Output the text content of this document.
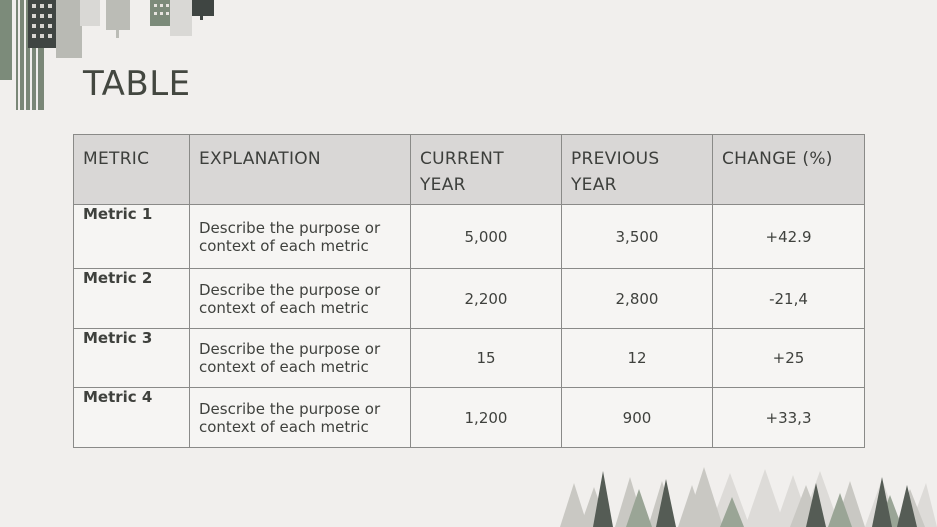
TABLE
METRIC	EXPLANATION	CURRENT YEAR	PREVIOUS YEAR	CHANGE (%)
Metric 1	Describe the purpose or context of each metric	5,000	3,500	+42.9
Metric 2	Describe the purpose or context of each metric	2,200	2,800	-21,4
Metric 3	Describe the purpose or context of each metric	15	12	+25
Metric 4	Describe the purpose or context of each metric	1,200	900	+33,3
